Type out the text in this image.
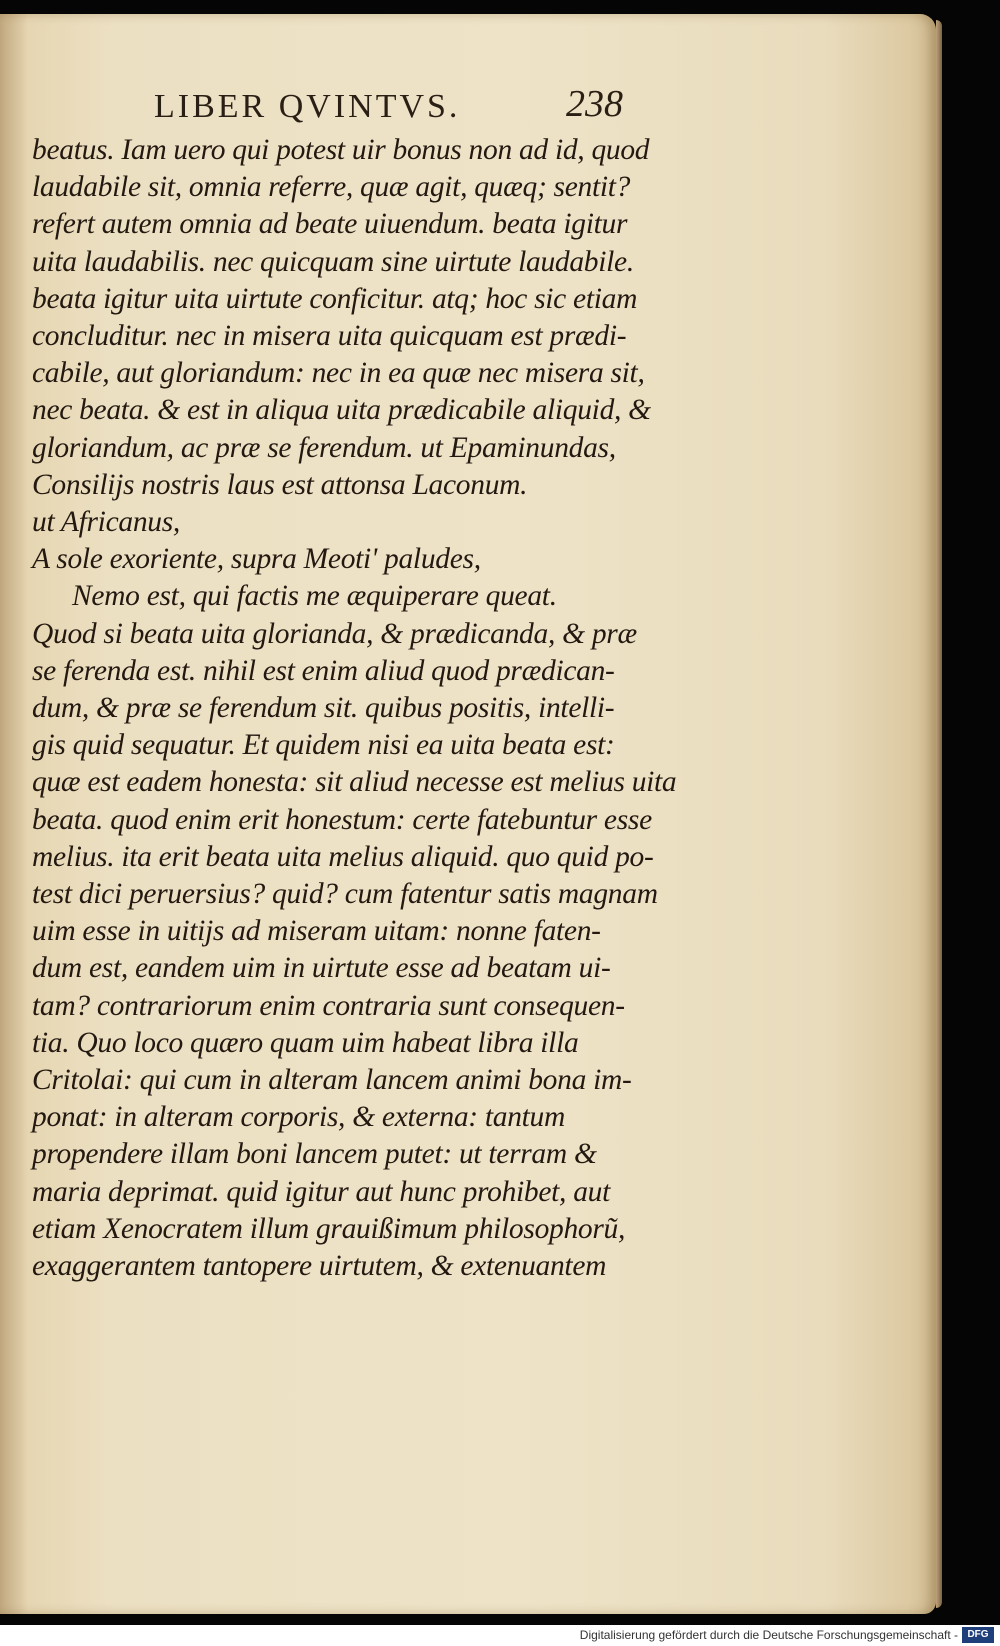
LIBER QVINTVS.	238
beatus. Iam uero qui potest uir bonus non ad id, quod
laudabile sit, omnia referre, quæ agit, quæq; sentit?
refert autem omnia ad beate uiuendum. beata igitur
uita laudabilis. nec quicquam sine uirtute laudabile.
beata igitur uita uirtute conficitur. atq; hoc sic etiam
concluditur. nec in misera uita quicquam est prædi-
cabile, aut gloriandum: nec in ea quæ nec misera sit,
nec beata. & est in aliqua uita prædicabile aliquid, &
gloriandum, ac præ se ferendum. ut Epaminundas,
Consilijs nostris laus est attonsa Laconum.
ut Africanus,
A sole exoriente, supra Meoti' paludes,
Nemo est, qui factis me æquiperare queat.
Quod si beata uita glorianda, & prædicanda, & præ
se ferenda est. nihil est enim aliud quod prædican-
dum, & præ se ferendum sit. quibus positis, intelli-
gis quid sequatur. Et quidem nisi ea uita beata est:
quæ est eadem honesta: sit aliud necesse est melius uita
beata. quod enim erit honestum: certe fatebuntur esse
melius. ita erit beata uita melius aliquid. quo quid po-
test dici peruersius? quid? cum fatentur satis magnam
uim esse in uitijs ad miseram uitam: nonne faten-
dum est, eandem uim in uirtute esse ad beatam ui-
tam? contrariorum enim contraria sunt consequen-
tia. Quo loco quæro quam uim habeat libra illa
Critolai: qui cum in alteram lancem animi bona im-
ponat: in alteram corporis, & externa: tantum
propendere illam boni lancem putet: ut terram &
maria deprimat. quid igitur aut hunc prohibet, aut
etiam Xenocratem illum grauißimum philosophorũ,
exaggerantem tantopere uirtutem, & extenuantem
Digitalisierung gefördert durch die Deutsche Forschungsgemeinschaft - DFG
